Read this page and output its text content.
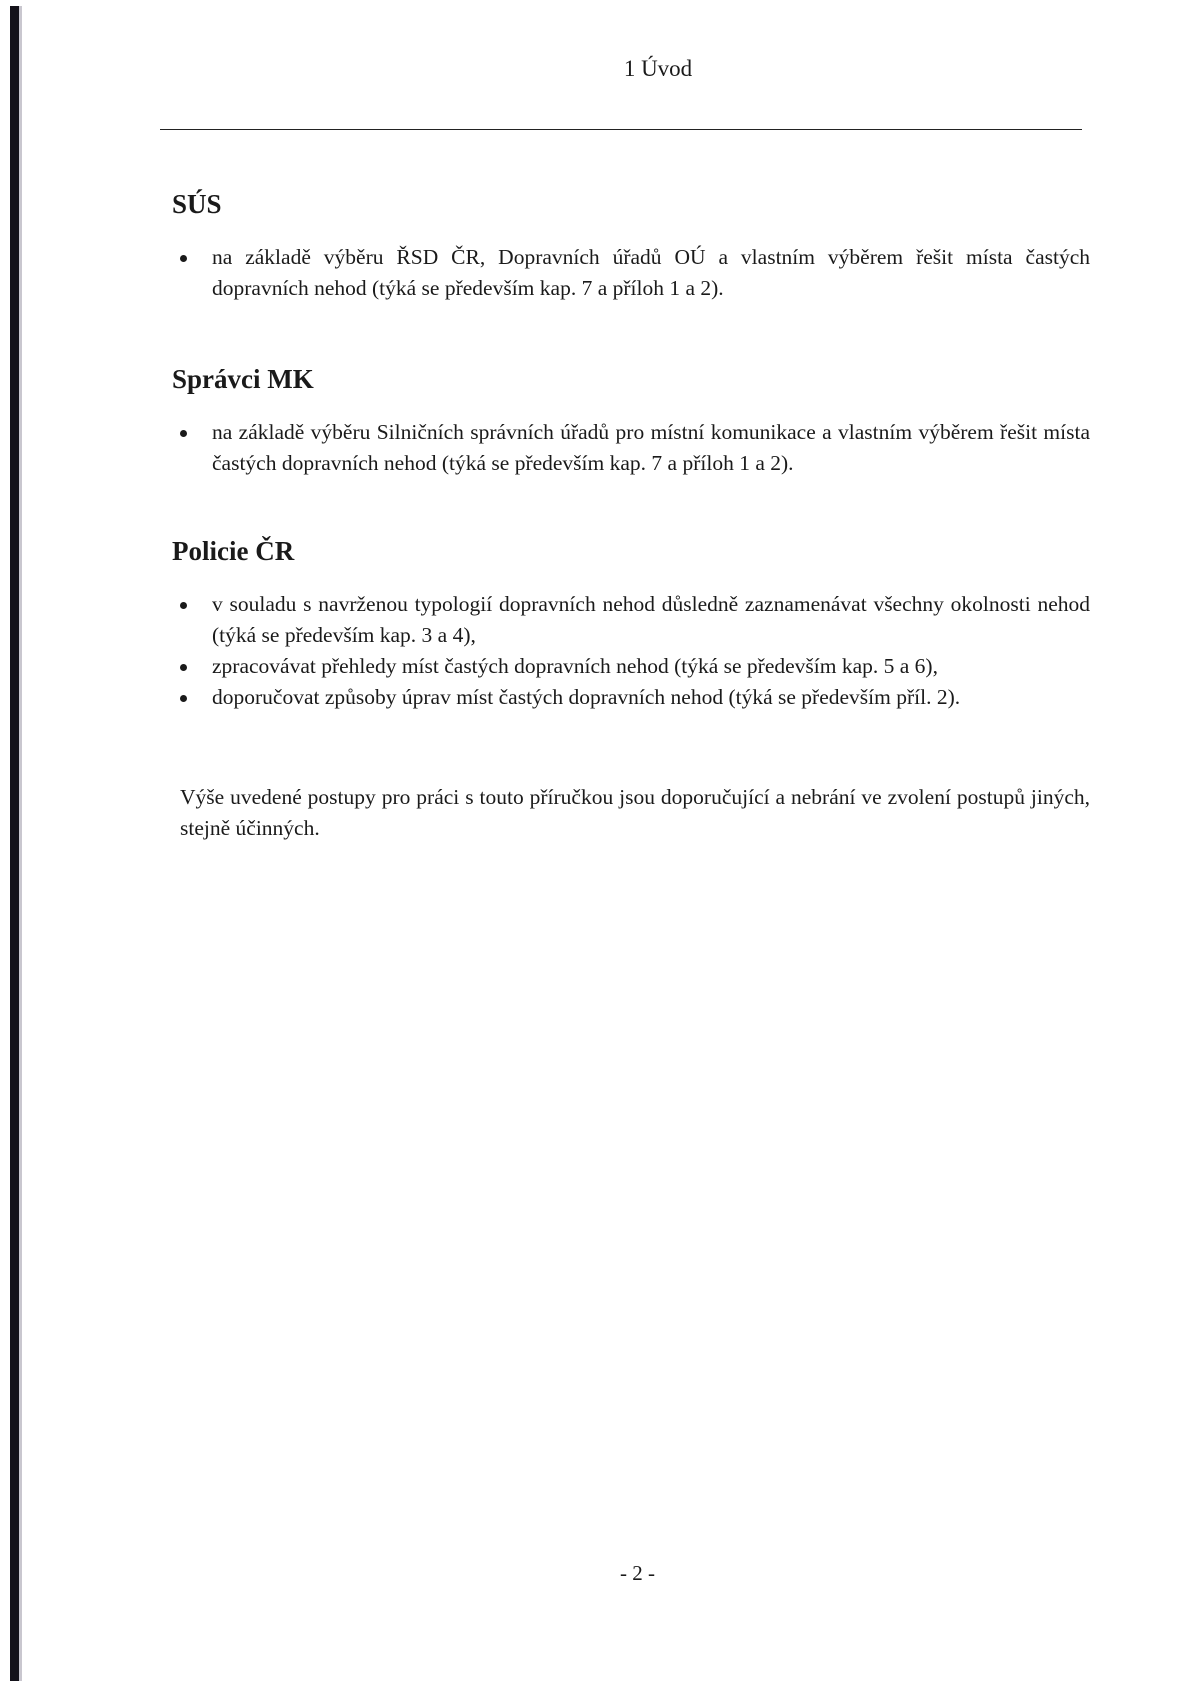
1 Úvod
SÚS
na základě výběru ŘSD ČR, Dopravních úřadů OÚ a vlastním výběrem řešit místa častých dopravních nehod (týká se především kap. 7 a příloh 1 a 2).
Správci MK
na základě výběru Silničních správních úřadů pro místní komunikace a vlastním výběrem řešit místa častých dopravních nehod (týká se především kap. 7 a příloh 1 a 2).
Policie ČR
v souladu s navrženou typologií dopravních nehod důsledně zaznamenávat všechny okolnosti nehod (týká se především kap. 3 a 4),
zpracovávat přehledy míst častých dopravních nehod (týká se především kap. 5 a 6),
doporučovat způsoby úprav míst častých dopravních nehod (týká se především příl. 2).

Výše uvedené postupy pro práci s touto příručkou jsou doporučující a nebrání ve zvolení postupů jiných, stejně účinných.

- 2 -
